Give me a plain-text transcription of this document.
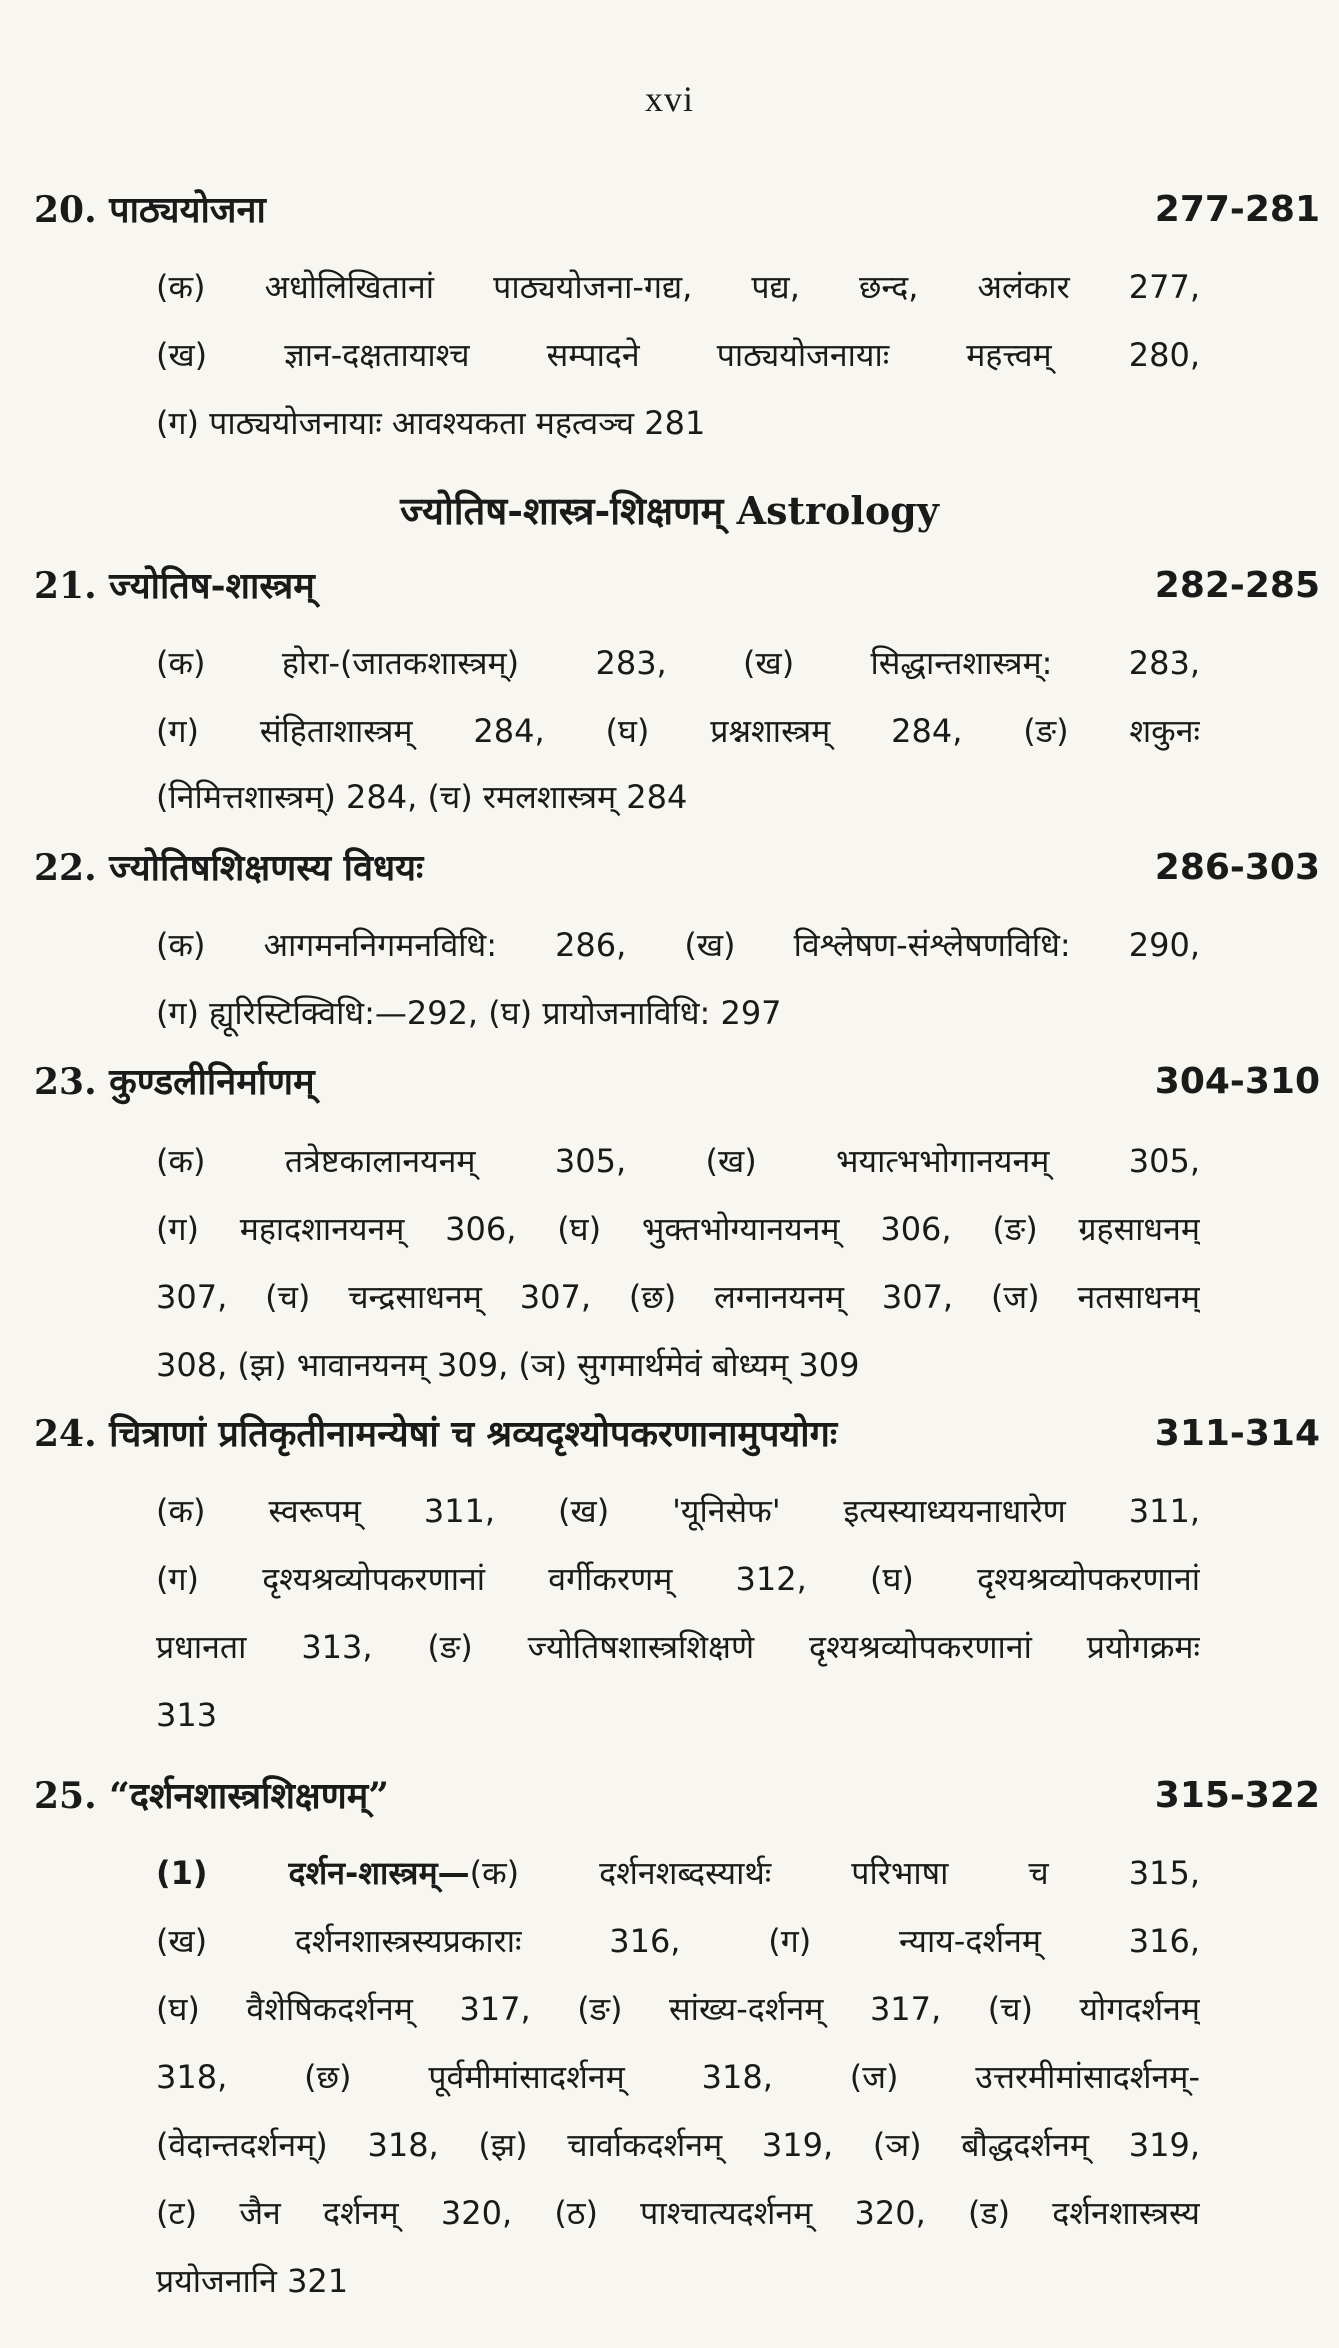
xvi
20. पाठ्ययोजना	277-281
(क) अधोलिखितानां पाठ्ययोजना-गद्य, पद्य, छन्द, अलंकार 277,
(ख) ज्ञान-दक्षतायाश्च सम्पादने पाठ्ययोजनायाः महत्त्वम् 280,
(ग) पाठ्ययोजनायाः आवश्यकता महत्वञ्च 281
ज्योतिष-शास्त्र-शिक्षणम् Astrology
21. ज्योतिष-शास्त्रम्	282-285
(क) होरा-(जातकशास्त्रम्) 283, (ख) सिद्धान्तशास्त्रम्: 283,
(ग) संहिताशास्त्रम् 284, (घ) प्रश्नशास्त्रम् 284, (ङ) शकुनः
(निमित्तशास्त्रम्) 284, (च) रमलशास्त्रम् 284
22. ज्योतिषशिक्षणस्य विधयः	286-303
(क) आगमननिगमनविधि: 286, (ख) विश्लेषण-संश्लेषणविधि: 290,
(ग) ह्यूरिस्टिक्विधि:—292, (घ) प्रायोजनाविधि: 297
23. कुण्डलीनिर्माणम्	304-310
(क) तत्रेष्टकालानयनम् 305, (ख) भयात्भभोगानयनम् 305,
(ग) महादशानयनम् 306, (घ) भुक्तभोग्यानयनम् 306, (ङ) ग्रहसाधनम्
307, (च) चन्द्रसाधनम् 307, (छ) लग्नानयनम् 307, (ज) नतसाधनम्
308, (झ) भावानयनम् 309, (ञ) सुगमार्थमेवं बोध्यम् 309
24. चित्राणां प्रतिकृतीनामन्येषां च श्रव्यदृश्योपकरणानामुपयोगः	311-314
(क) स्वरूपम् 311, (ख) 'यूनिसेफ' इत्यस्याध्ययनाधारेण 311,
(ग) दृश्यश्रव्योपकरणानां वर्गीकरणम् 312, (घ) दृश्यश्रव्योपकरणानां
प्रधानता 313, (ङ) ज्योतिषशास्त्रशिक्षणे दृश्यश्रव्योपकरणानां प्रयोगक्रमः
313
25. “दर्शनशास्त्रशिक्षणम्”	315-322
(1) दर्शन-शास्त्रम्—(क) दर्शनशब्दस्यार्थः परिभाषा च 315,
(ख) दर्शनशास्त्रस्यप्रकाराः 316, (ग) न्याय-दर्शनम् 316,
(घ) वैशेषिकदर्शनम् 317, (ङ) सांख्य-दर्शनम् 317, (च) योगदर्शनम्
318, (छ) पूर्वमीमांसादर्शनम् 318, (ज) उत्तरमीमांसादर्शनम्-
(वेदान्तदर्शनम्) 318, (झ) चार्वाकदर्शनम् 319, (ञ) बौद्धदर्शनम् 319,
(ट) जैन दर्शनम् 320, (ठ) पाश्चात्यदर्शनम् 320, (ड) दर्शनशास्त्रस्य
प्रयोजनानि 321
